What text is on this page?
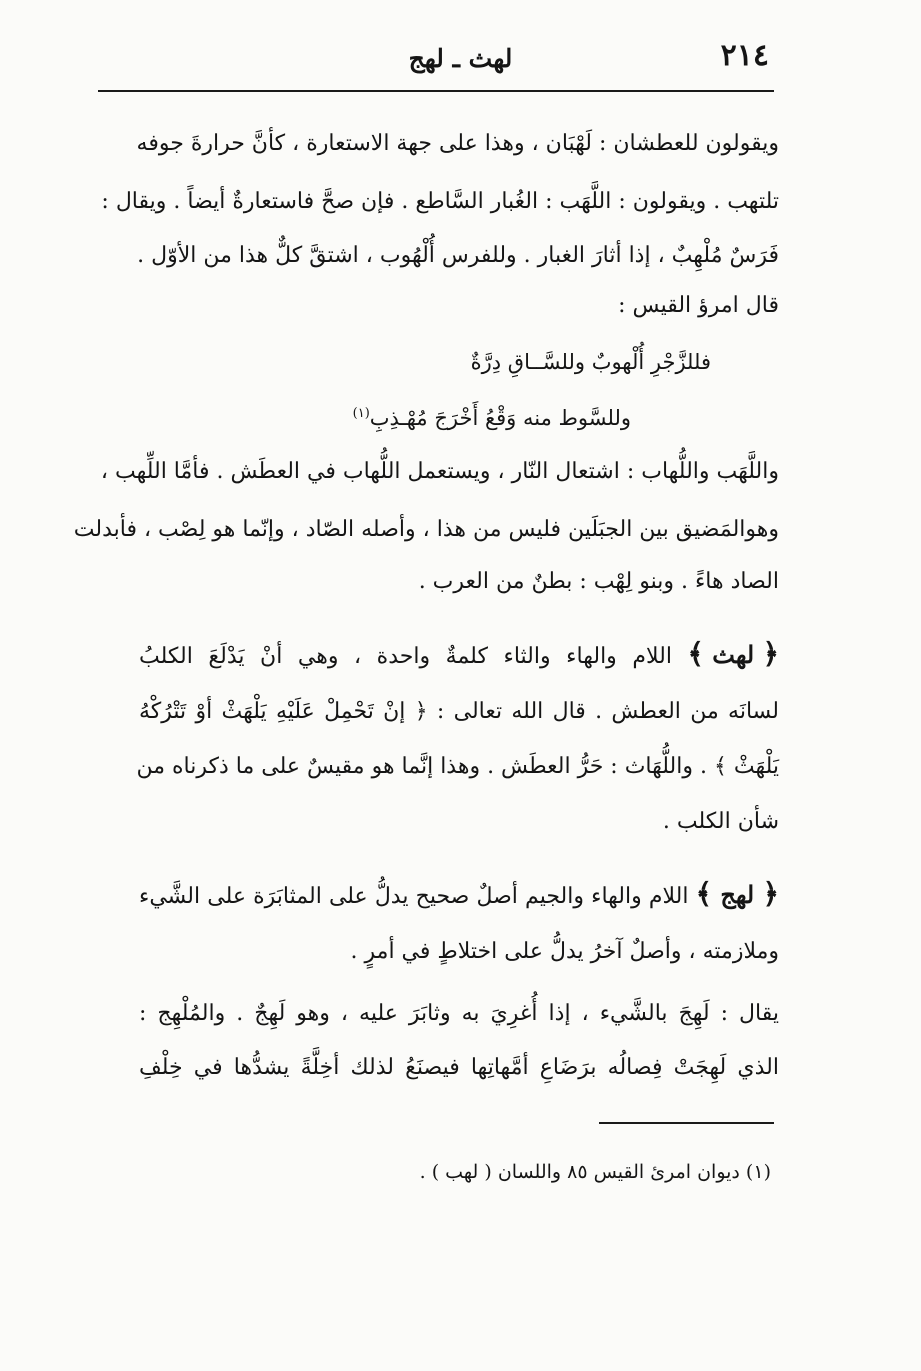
٢١٤
لهث ـ لهج
ويقولون للعطشان : لَهْبَان ، وهذا على جهة الاستعارة ، كأنَّ حرارةَ جوفه
تلتهب . ويقولون : اللَّهَب : الغُبار السَّاطع . فإن صحَّ فاستعارةٌ أيضاً . ويقال :
فَرَسٌ مُلْهِبٌ ، إذا أثارَ الغبار . وللفرس أُلْهُوب ، اشتقَّ كلٌّ هذا من الأوّل .
قال امرؤ القيس :
فللزَّجْرِ أُلْهوبٌ وللسَّــاقِ دِرَّةٌ
وللسَّوط منه وَقْعُ أَخْرَجَ مُهْـذِبِ$^{(١)}$
واللَّهَب واللُّهاب : اشتعال النّار ، ويستعمل اللُّهاب في العطَش . فأمَّا اللِّهب ،
وهوالمَضيق بين الجبَلَين فليس من هذا ، وأصله الصّاد ، وإنّما هو لِصْب ، فأبدلت
الصاد هاءً . وبنو لِهْب : بطنٌ من العرب .
﴿ لهث ﴾ اللام والهاء والثاء كلمةٌ واحدة ، وهي أنْ يَدْلَعَ الكلبُ
لسانَه من العطش . قال الله تعالى : ﴿ إنْ تَحْمِلْ عَلَيْهِ يَلْهَثْ أوْ تَتْرُكْهُ
يَلْهَثْ ﴾ . واللُّهَاث : حَرُّ العطَش . وهذا إنَّما هو مقيسٌ على ما ذكرناه من
شأن الكلب .
﴿ لهج ﴾ اللام والهاء والجيم أصلٌ صحيح يدلُّ على المثابَرَة على الشَّيء
وملازمته ، وأصلٌ آخرُ يدلُّ على اختلاطٍ في أمرٍ .
يقال : لَهِجَ بالشَّيء ، إذا أُغرِيَ به وثابَرَ عليه ، وهو لَهِجٌ . والمُلْهِج :
الذي لَهِجَتْ فِصالُه برَضَاعِ أمَّهاتِها فيصنَعُ لذلك أخِلَّةً يشدُّها في خِلْفِ
(١) ديوان امرئ القيس ٨٥ واللسان ( لهب ) .
